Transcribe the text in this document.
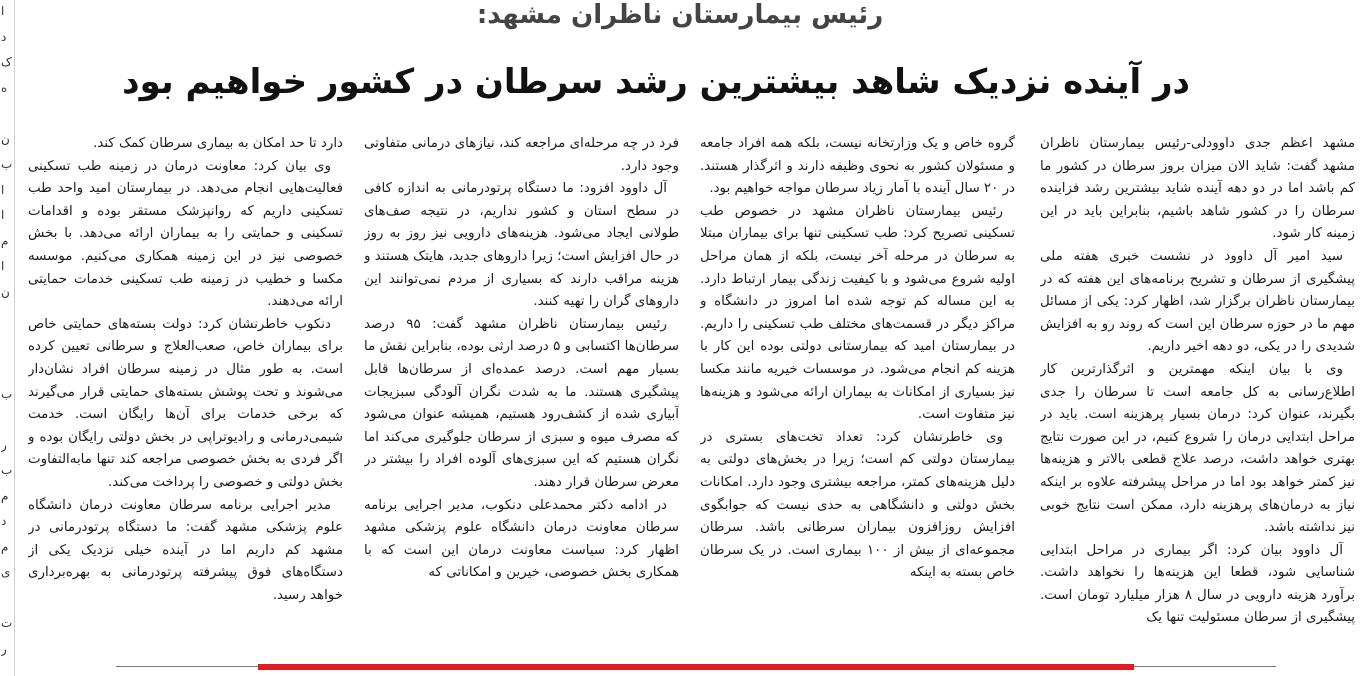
ا
د
ک
ه
ن
ب
ا
ا
م
ا
ن
ب
ر
ب
م
د
م
ی
ت
ر
رئیس بیمارستان ناظران مشهد:
در آینده نزدیک شاهد بیشترین رشد سرطان در کشور خواهیم بود

مشهد اعظم جدی داوودلی-رئیس بیمارستان ناظران مشهد گفت: شاید الان میزان بروز سرطان در کشور ما کم باشد اما در دو دهه آینده شاید بیشترین رشد فزاینده سرطان را در کشور شاهد باشیم، بنابراین باید در این زمینه کار شود.

سید امیر آل داوود در نشست خبری هفته ملی پیشگیری از سرطان و تشریح برنامه‌های این هفته که در بیمارستان ناظران برگزار شد، اظهار کرد: یکی از مسائل مهم ما در حوزه سرطان این است که روند رو به افزایش شدیدی را در یکی، دو دهه اخیر داریم.

وی با بیان اینکه مهمترین و اثرگذارترین کار اطلاع‌رسانی به کل جامعه است تا سرطان را جدی بگیرند، عنوان کرد: درمان بسیار پرهزینه است. باید در مراحل ابتدایی درمان را شروع کنیم، در این صورت نتایج بهتری خواهد داشت، درصد علاج قطعی بالاتر و هزینه‌ها نیز کمتر خواهد بود اما در مراحل پیشرفته علاوه بر اینکه نیاز به درمان‌های پرهزینه دارد، ممکن است نتایج خوبی نیز نداشته باشد.

آل داوود بیان کرد: اگر بیماری در مراحل ابتدایی شناسایی شود، قطعا این هزینه‌ها را نخواهد داشت. برآورد هزینه دارویی در سال ۸ هزار میلیارد تومان است. پیشگیری از سرطان مسئولیت تنها یک

گروه خاص و یک وزارتخانه نیست، بلکه همه افراد جامعه و مسئولان کشور به نحوی وظیفه دارند و اثرگذار هستند. در ۲۰ سال آینده با آمار زیاد سرطان مواجه خواهیم بود.

رئیس بیمارستان ناظران مشهد در خصوص طب تسکینی تصریح کرد: طب تسکینی تنها برای بیماران مبتلا به سرطان در مرحله آخر نیست، بلکه از همان مراحل اولیه شروع می‌شود و با کیفیت زندگی بیمار ارتباط دارد. به این مساله کم توجه شده اما امروز در دانشگاه و مراکز دیگر در قسمت‌های مختلف طب تسکینی را داریم. در بیمارستان امید که بیمارستانی دولتی بوده این کار با هزینه کم انجام می‌شود. در موسسات خیریه مانند مکسا نیز بسیاری از امکانات به بیماران ارائه می‌شود و هزینه‌ها نیز متفاوت است.

وی خاطرنشان کرد: تعداد تخت‌های بستری در بیمارستان دولتی کم است؛ زیرا در بخش‌های دولتی به دلیل هزینه‌های کمتر، مراجعه بیشتری وجود دارد. امکانات بخش دولتی و دانشگاهی به حدی نیست که جوابگوی افزایش روزافزون بیماران سرطانی باشد. سرطان مجموعه‌ای از بیش از ۱۰۰ بیماری است. در یک سرطان خاص بسته به اینکه

فرد در چه مرحله‌ای مراجعه کند، نیازهای درمانی متفاوتی وجود دارد.

آل داوود افزود: ما دستگاه پرتودرمانی به اندازه کافی در سطح استان و کشور نداریم، در نتیجه صف‌های طولانی ایجاد می‌شود. هزینه‌های دارویی نیز روز به روز در حال افزایش است؛ زیرا داروهای جدید، هایتک هستند و هزینه مراقب دارند که بسیاری از مردم نمی‌توانند این داروهای گران را تهیه کنند.

رئیس بیمارستان ناظران مشهد گفت: ۹۵ درصد سرطان‌ها اکتسابی و ۵ درصد ارثی بوده، بنابراین نقش ما بسیار مهم است. درصد عمده‌ای از سرطان‌ها قابل پیشگیری هستند. ما به شدت نگران آلودگی سبزیجات آبیاری شده از کشف‌رود هستیم، همیشه عنوان می‌شود که مصرف میوه و سبزی از سرطان جلوگیری می‌کند اما نگران هستیم که این سبزی‌های آلوده افراد را بیشتر در معرض سرطان قرار دهند.

در ادامه دکتر محمدعلی دنکوب، مدیر اجرایی برنامه سرطان معاونت درمان دانشگاه علوم پزشکی مشهد اظهار کرد: سیاست معاونت درمان این است که با همکاری بخش خصوصی، خیرین و امکاناتی که

دارد تا حد امکان به بیماری سرطان کمک کند.

وی بیان کرد: معاونت درمان در زمینه طب تسکینی فعالیت‌هایی انجام می‌دهد. در بیمارستان امید واحد طب تسکینی داریم که روانپزشک مستقر بوده و اقدامات تسکینی و حمایتی را به بیماران ارائه می‌دهد. با بخش خصوصی نیز در این زمینه همکاری می‌کنیم. موسسه مکسا و خطیب در زمینه طب تسکینی خدمات حمایتی ارائه می‌دهند.

دنکوب خاطرنشان کرد: دولت بسته‌های حمایتی خاص برای بیماران خاص، صعب‌العلاج و سرطانی تعیین کرده است. به طور مثال در زمینه سرطان افراد نشان‌دار می‌شوند و تحت پوشش بسته‌های حمایتی قرار می‌گیرند که برخی خدمات برای آن‌ها رایگان است. خدمت شیمی‌درمانی و رادیوتراپی در بخش دولتی رایگان بوده و اگر فردی به بخش خصوصی مراجعه کند تنها مابه‌التفاوت بخش دولتی و خصوصی را پرداخت می‌کند.

مدیر اجرایی برنامه سرطان معاونت درمان دانشگاه علوم پزشکی مشهد گفت: ما دستگاه پرتودرمانی در مشهد کم داریم اما در آینده خیلی نزدیک یکی از دستگاه‌های فوق پیشرفته پرتودرمانی به بهره‌برداری خواهد رسید.
